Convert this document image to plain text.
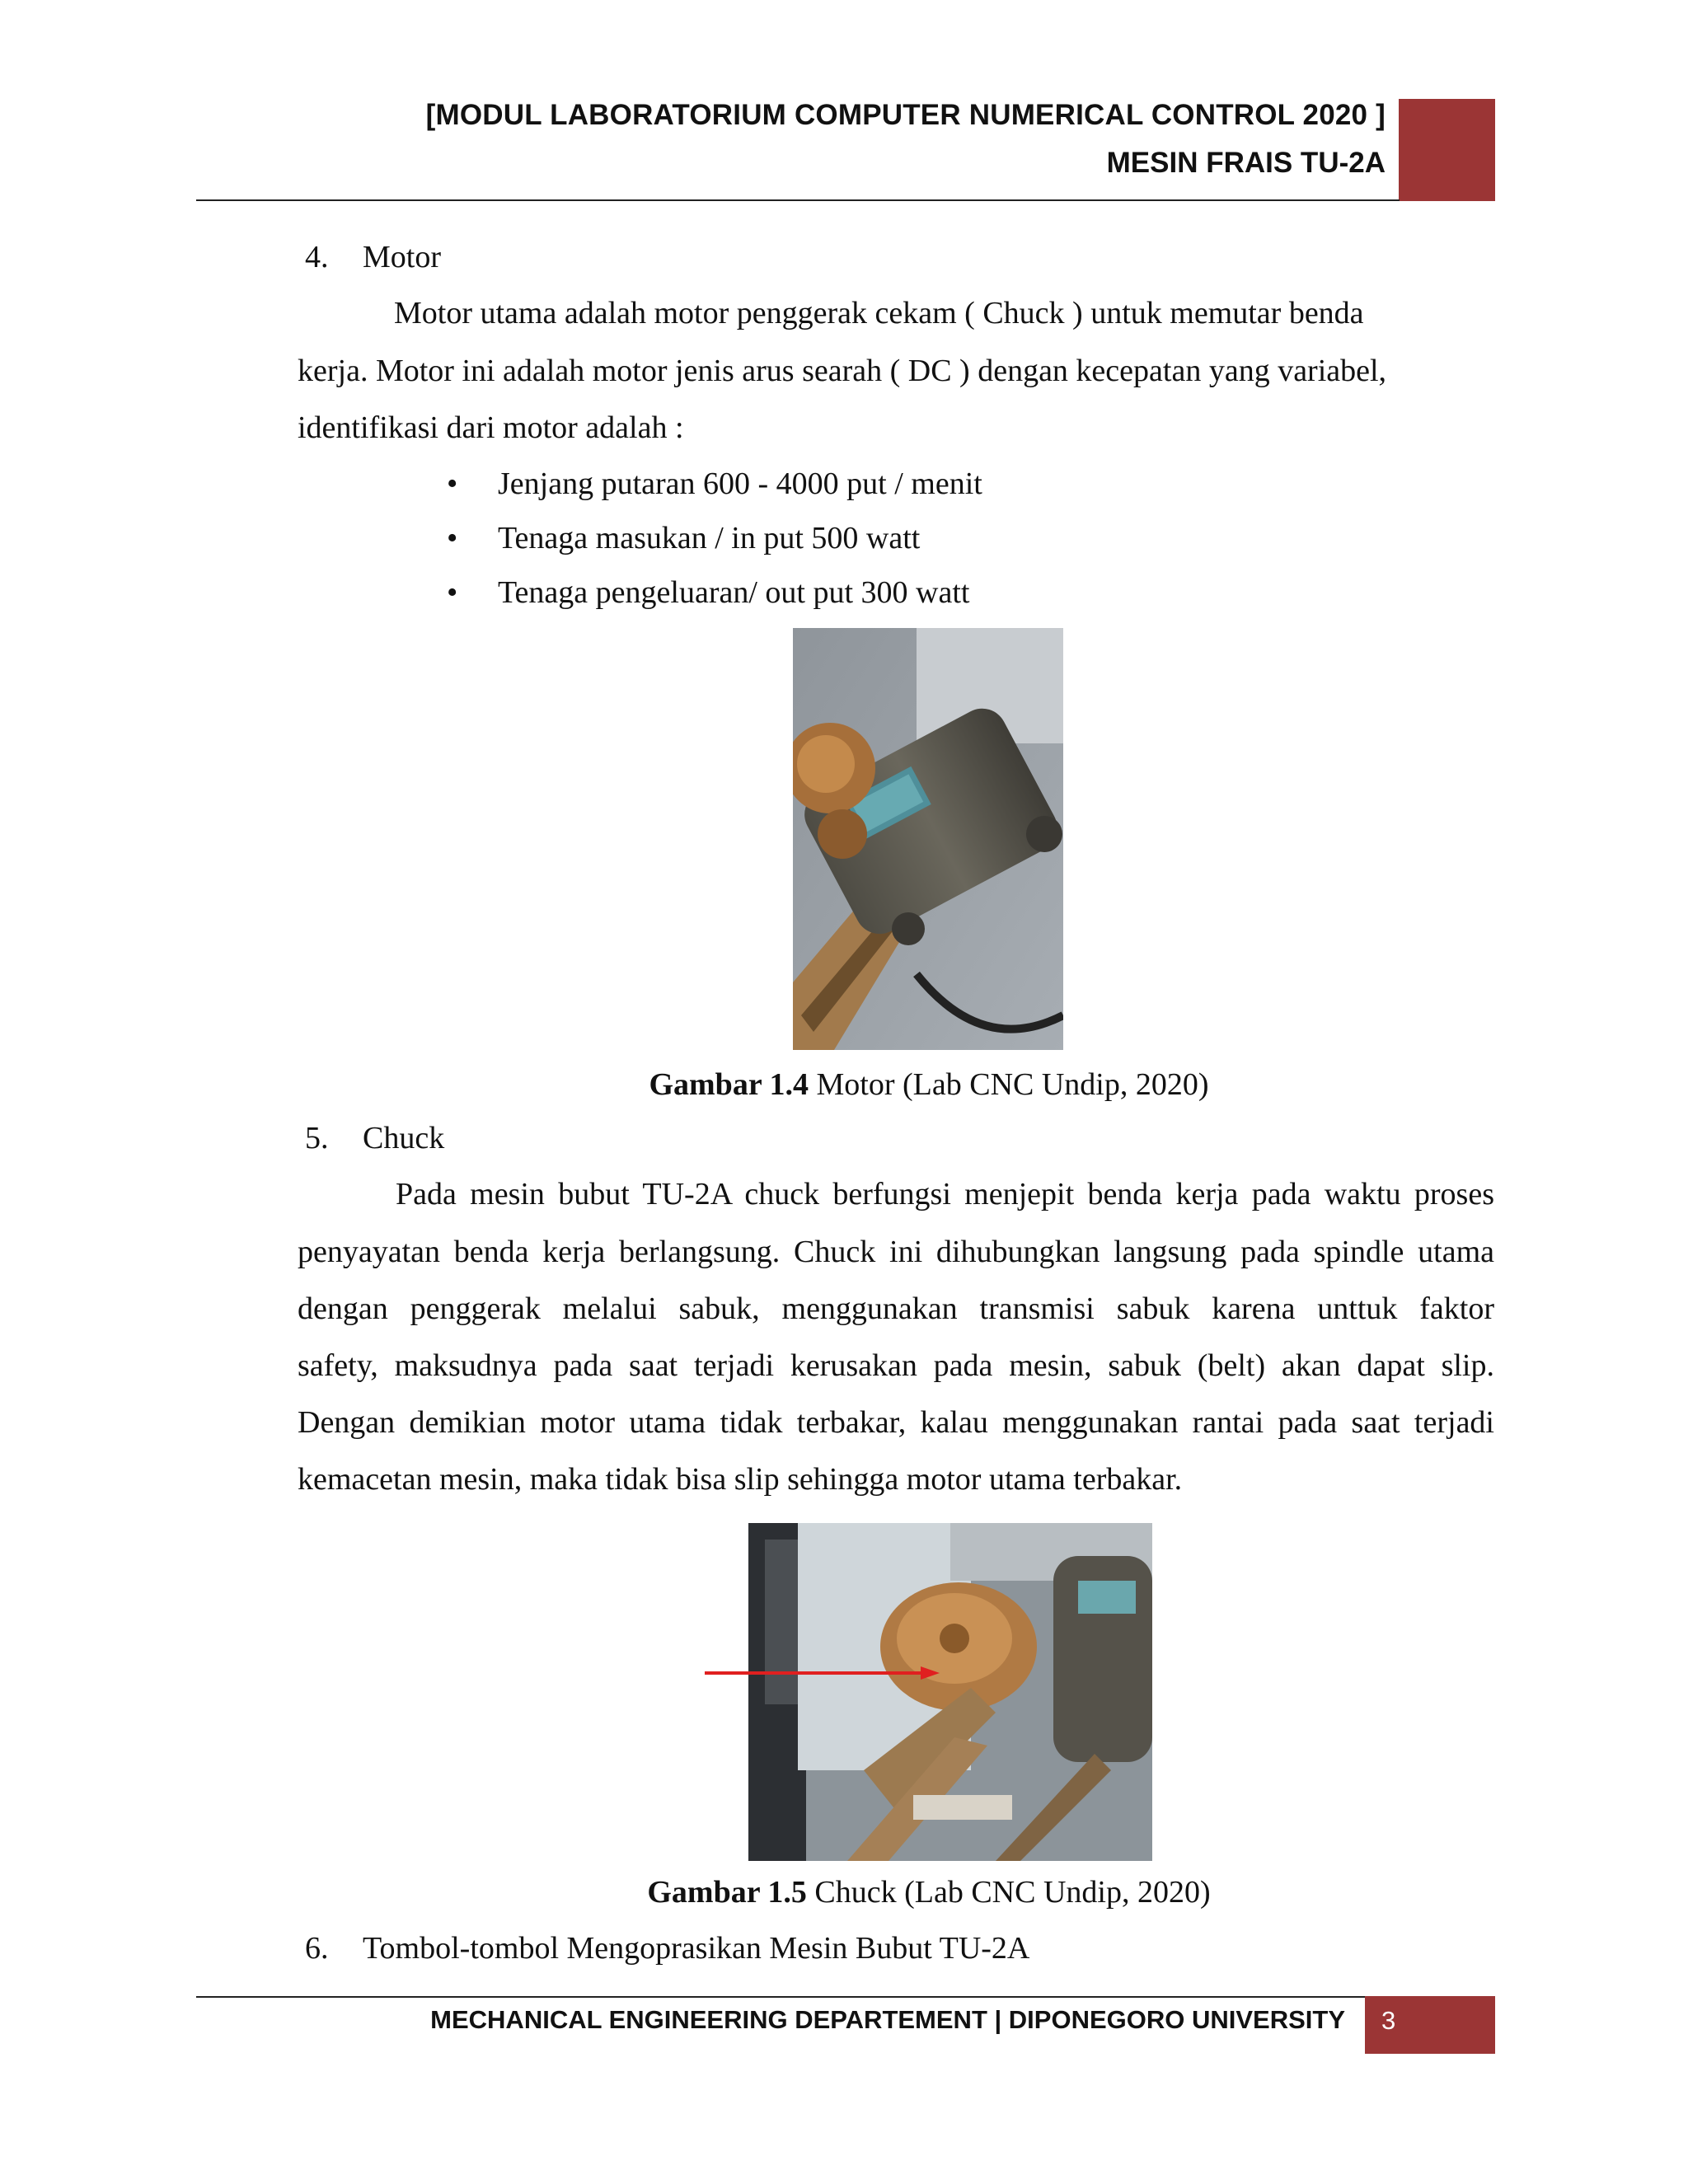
[MODUL LABORATORIUM COMPUTER NUMERICAL CONTROL 2020 ]
MESIN FRAIS TU-2A
4. Motor
Motor utama adalah motor penggerak cekam ( Chuck ) untuk memutar benda
kerja. Motor ini adalah motor jenis arus searah ( DC ) dengan kecepatan yang variabel,
identifikasi dari motor adalah :
• Jenjang putaran 600 - 4000 put / menit
• Tenaga masukan / in put 500 watt
• Tenaga pengeluaran/ out put 300 watt
Gambar 1.4 Motor (Lab CNC Undip, 2020)
5. Chuck
Pada mesin bubut TU-2A chuck berfungsi menjepit benda kerja pada waktu proses
penyayatan benda kerja berlangsung. Chuck ini dihubungkan langsung pada spindle utama
dengan penggerak melalui sabuk, menggunakan transmisi sabuk karena unttuk faktor
safety, maksudnya pada saat terjadi kerusakan pada mesin, sabuk (belt) akan dapat slip.
Dengan demikian motor utama tidak terbakar, kalau menggunakan rantai pada saat terjadi
kemacetan mesin, maka tidak bisa slip sehingga motor utama terbakar.
Gambar 1.5 Chuck (Lab CNC Undip, 2020)
6. Tombol-tombol Mengoprasikan Mesin Bubut TU-2A
MECHANICAL ENGINEERING DEPARTEMENT | DIPONEGORO UNIVERSITY 3
